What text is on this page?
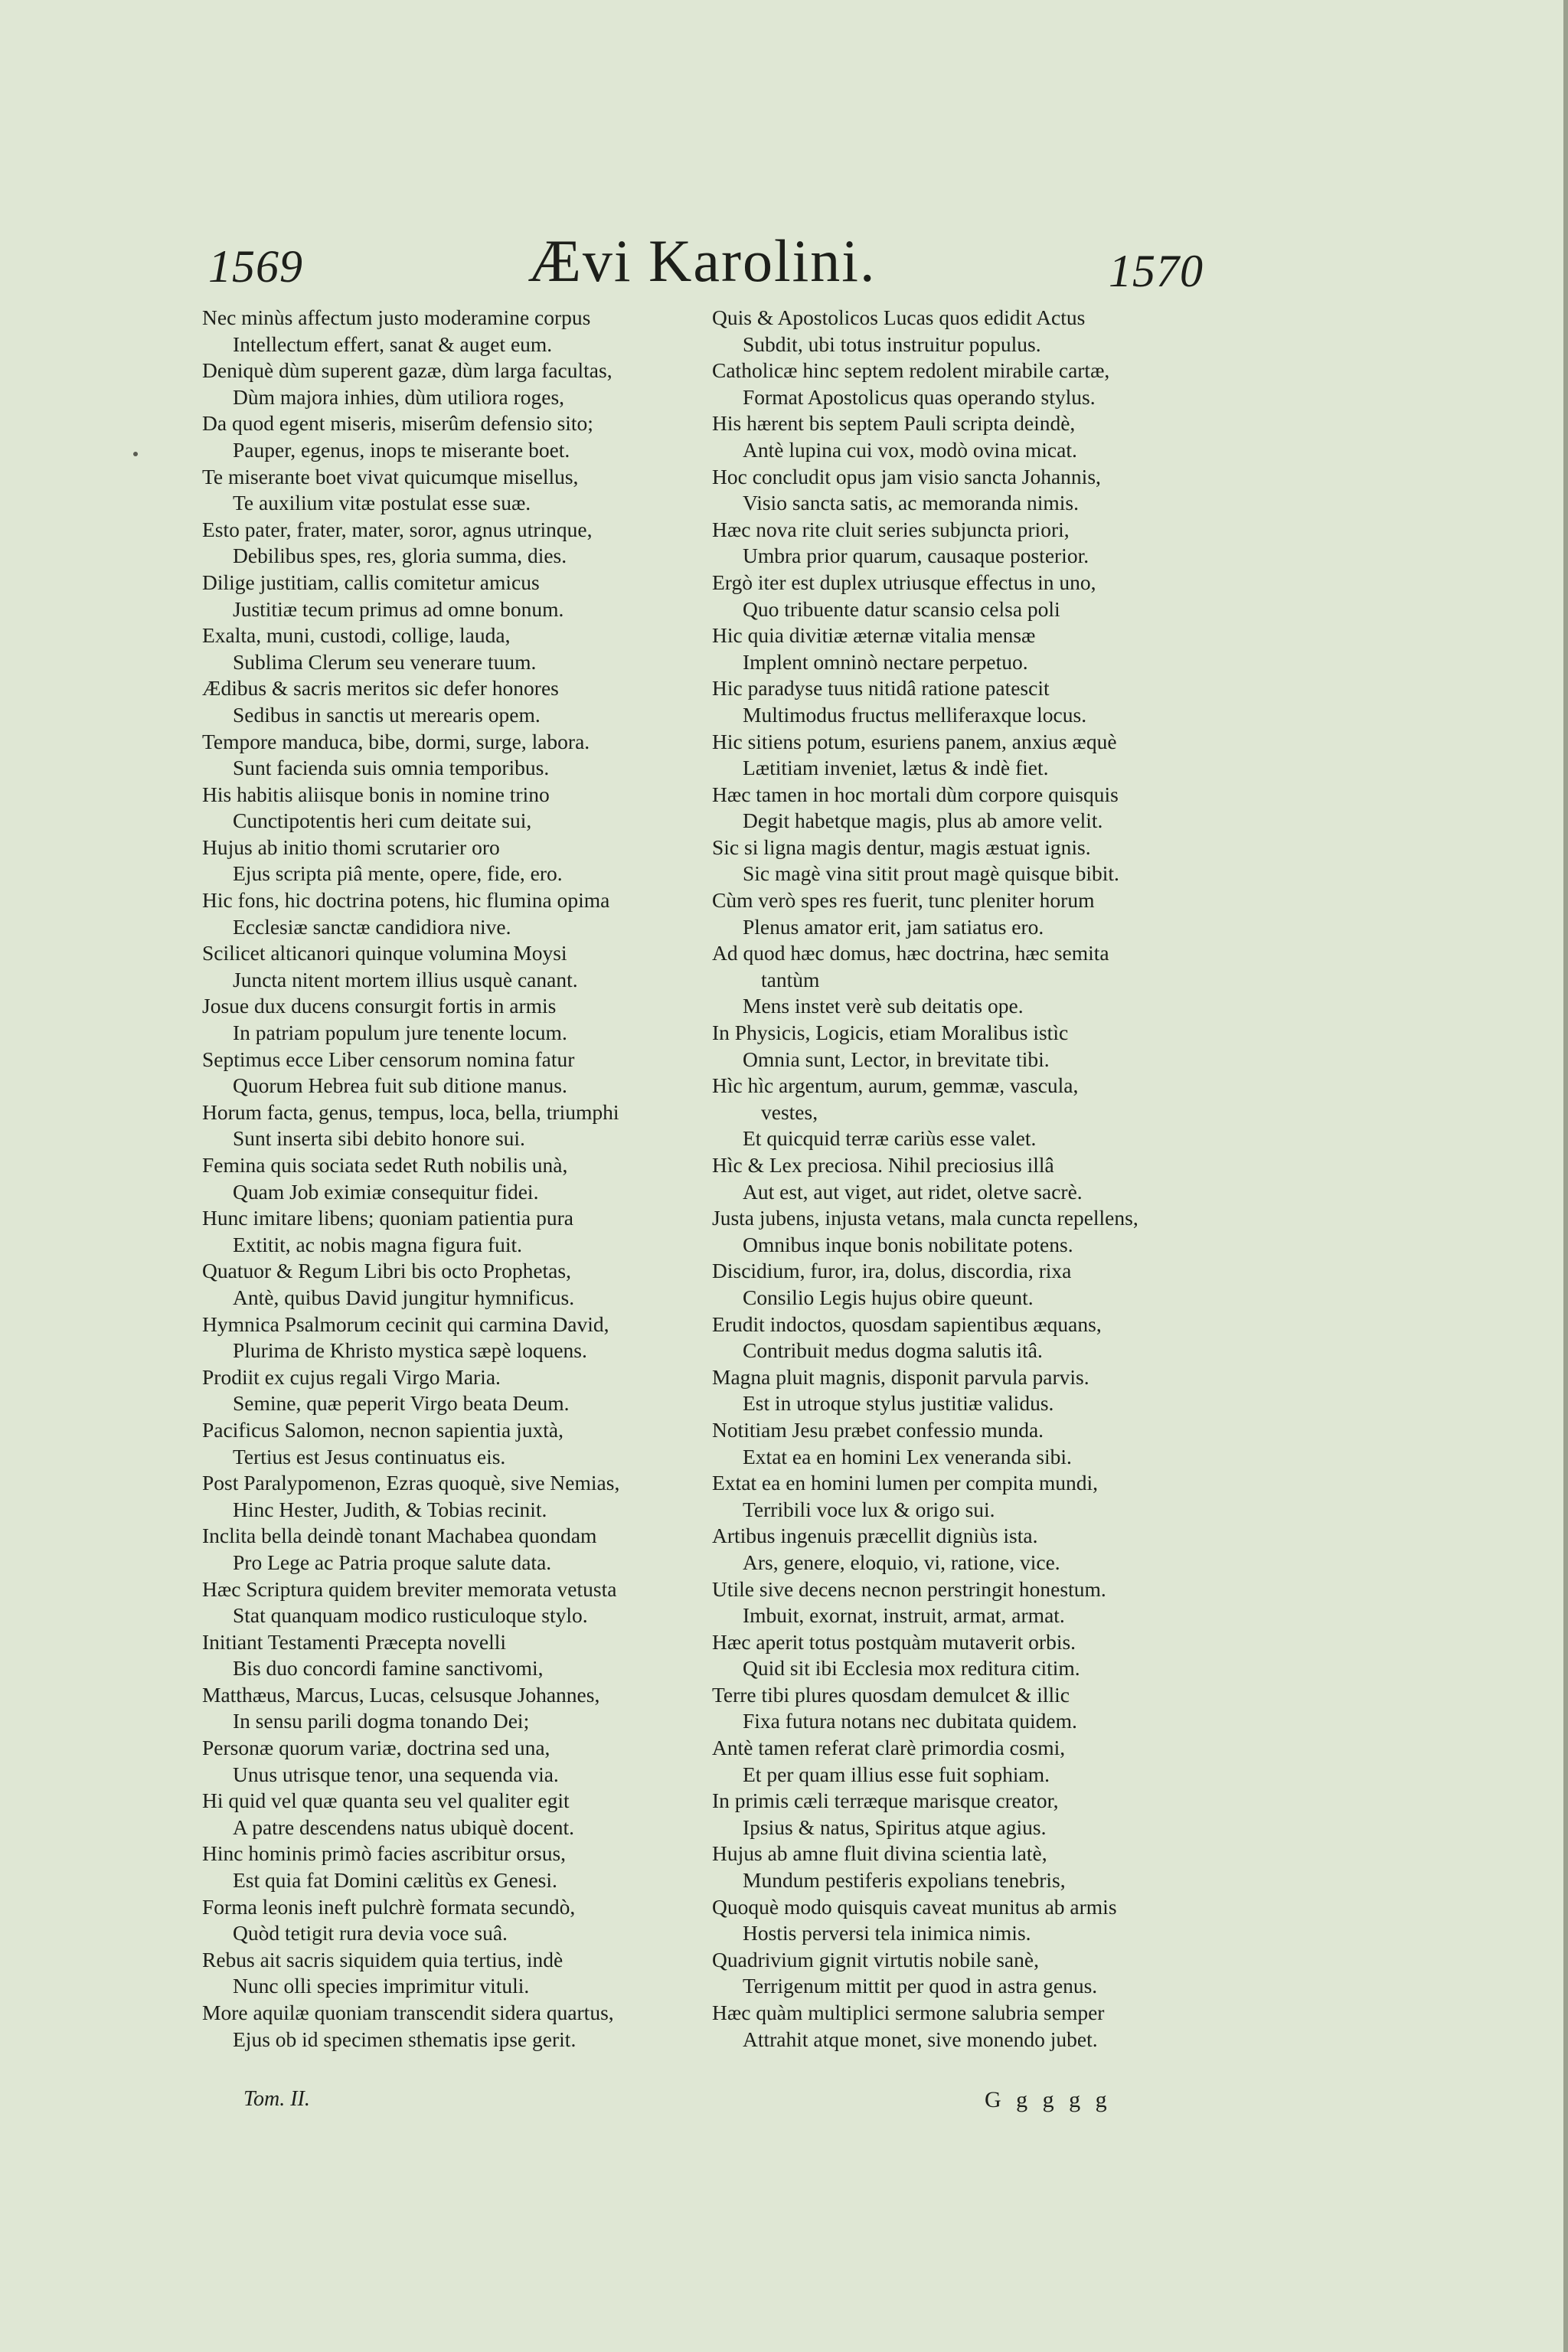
1569	Ævi Karolini.	1570
Nec minùs affectum justo moderamine corpus
Intellectum effert, sanat & auget eum.
Deniquè dùm superent gazæ, dùm larga facultas,
Dùm majora inhies, dùm utiliora roges,
Da quod egent miseris, miserûm defensio sito;
Pauper, egenus, inops te miserante boet.
Te miserante boet vivat quicumque misellus,
Te auxilium vitæ postulat esse suæ.
Esto pater, frater, mater, soror, agnus utrinque,
Debilibus spes, res, gloria summa, dies.
Dilige justitiam, callis comitetur amicus
Justitiæ tecum primus ad omne bonum.
Exalta, muni, custodi, collige, lauda,
Sublima Clerum seu venerare tuum.
Ædibus & sacris meritos sic defer honores
Sedibus in sanctis ut merearis opem.
Tempore manduca, bibe, dormi, surge, labora.
Sunt facienda suis omnia temporibus.
His habitis aliisque bonis in nomine trino
Cunctipotentis heri cum deitate sui,
Hujus ab initio thomi scrutarier oro
Ejus scripta piâ mente, opere, fide, ero.
Hic fons, hic doctrina potens, hic flumina opima
Ecclesiæ sanctæ candidiora nive.
Scilicet alticanori quinque volumina Moysi
Juncta nitent mortem illius usquè canant.
Josue dux ducens consurgit fortis in armis
In patriam populum jure tenente locum.
Septimus ecce Liber censorum nomina fatur
Quorum Hebrea fuit sub ditione manus.
Horum facta, genus, tempus, loca, bella, triumphi
Sunt inserta sibi debito honore sui.
Femina quis sociata sedet Ruth nobilis unà,
Quam Job eximiæ consequitur fidei.
Hunc imitare libens; quoniam patientia pura
Extitit, ac nobis magna figura fuit.
Quatuor & Regum Libri bis octo Prophetas,
Antè, quibus David jungitur hymnificus.
Hymnica Psalmorum cecinit qui carmina David,
Plurima de Khristo mystica sæpè loquens.
Prodiit ex cujus regali Virgo Maria.
Semine, quæ peperit Virgo beata Deum.
Pacificus Salomon, necnon sapientia juxtà,
Tertius est Jesus continuatus eis.
Post Paralypomenon, Ezras quoquè, sive Nemias,
Hinc Hester, Judith, & Tobias recinit.
Inclita bella deindè tonant Machabea quondam
Pro Lege ac Patria proque salute data.
Hæc Scriptura quidem breviter memorata vetusta
Stat quanquam modico rusticuloque stylo.
Initiant Testamenti Præcepta novelli
Bis duo concordi famine sanctivomi,
Matthæus, Marcus, Lucas, celsusque Johannes,
In sensu parili dogma tonando Dei;
Personæ quorum variæ, doctrina sed una,
Unus utrisque tenor, una sequenda via.
Hi quid vel quæ quanta seu vel qualiter egit
A patre descendens natus ubiquè docent.
Hinc hominis primò facies ascribitur orsus,
Est quia fat Domini cælitùs ex Genesi.
Forma leonis ineft pulchrè formata secundò,
Quòd tetigit rura devia voce suâ.
Rebus ait sacris siquidem quia tertius, indè
Nunc olli species imprimitur vituli.
More aquilæ quoniam transcendit sidera quartus,
Ejus ob id specimen sthematis ipse gerit.
Quis & Apostolicos Lucas quos edidit Actus
Subdit, ubi totus instruitur populus.
Catholicæ hinc septem redolent mirabile cartæ,
Format Apostolicus quas operando stylus.
His hærent bis septem Pauli scripta deindè,
Antè lupina cui vox, modò ovina micat.
Hoc concludit opus jam visio sancta Johannis,
Visio sancta satis, ac memoranda nimis.
Hæc nova rite cluit series subjuncta priori,
Umbra prior quarum, causaque posterior.
Ergò iter est duplex utriusque effectus in uno,
Quo tribuente datur scansio celsa poli
Hic quia divitiæ æternæ vitalia mensæ
Implent omninò nectare perpetuo.
Hic paradyse tuus nitidâ ratione patescit
Multimodus fructus melliferaxque locus.
Hic sitiens potum, esuriens panem, anxius æquè
Lætitiam inveniet, lætus & indè fiet.
Hæc tamen in hoc mortali dùm corpore quisquis
Degit habetque magis, plus ab amore velit.
Sic si ligna magis dentur, magis æstuat ignis.
Sic magè vina sitit prout magè quisque bibit.
Cùm verò spes res fuerit, tunc pleniter horum
Plenus amator erit, jam satiatus ero.
Ad quod hæc domus, hæc doctrina, hæc semita
tantùm
Mens instet verè sub deitatis ope.
In Physicis, Logicis, etiam Moralibus istìc
Omnia sunt, Lector, in brevitate tibi.
Hìc hìc argentum, aurum, gemmæ, vascula,
vestes,
Et quicquid terræ cariùs esse valet.
Hìc & Lex preciosa. Nihil preciosius illâ
Aut est, aut viget, aut ridet, oletve sacrè.
Justa jubens, injusta vetans, mala cuncta repellens,
Omnibus inque bonis nobilitate potens.
Discidium, furor, ira, dolus, discordia, rixa
Consilio Legis hujus obire queunt.
Erudit indoctos, quosdam sapientibus æquans,
Contribuit medus dogma salutis itâ.
Magna pluit magnis, disponit parvula parvis.
Est in utroque stylus justitiæ validus.
Notitiam Jesu præbet confessio munda.
Extat ea en homini Lex veneranda sibi.
Extat ea en homini lumen per compita mundi,
Terribili voce lux & origo sui.
Artibus ingenuis præcellit digniùs ista.
Ars, genere, eloquio, vi, ratione, vice.
Utile sive decens necnon perstringit honestum.
Imbuit, exornat, instruit, armat, armat.
Hæc aperit totus postquàm mutaverit orbis.
Quid sit ibi Ecclesia mox reditura citim.
Terre tibi plures quosdam demulcet & illic
Fixa futura notans nec dubitata quidem.
Antè tamen referat clarè primordia cosmi,
Et per quam illius esse fuit sophiam.
In primis cæli terræque marisque creator,
Ipsius & natus, Spiritus atque agius.
Hujus ab amne fluit divina scientia latè,
Mundum pestiferis expolians tenebris,
Quoquè modo quisquis caveat munitus ab armis
Hostis perversi tela inimica nimis.
Quadrivium gignit virtutis nobile sanè,
Terrigenum mittit per quod in astra genus.
Hæc quàm multiplici sermone salubria semper
Attrahit atque monet, sive monendo jubet.
Tom. II.	G g g g g
